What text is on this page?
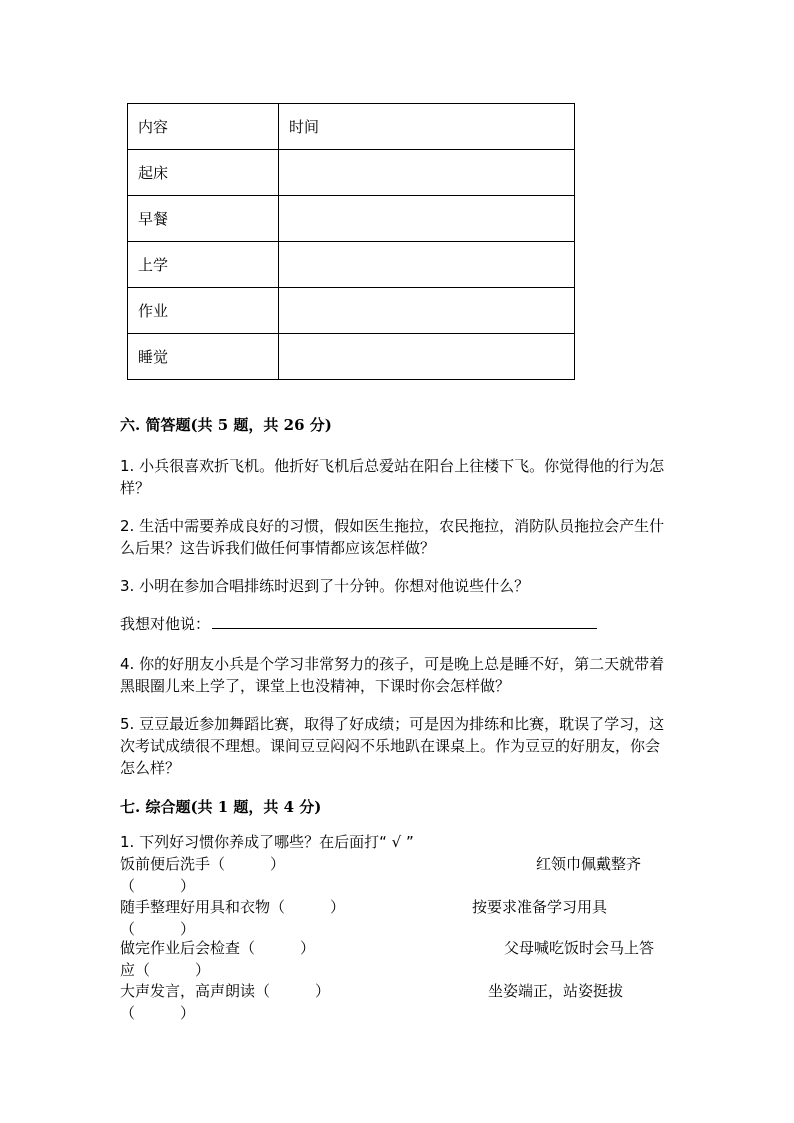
内容	时间
起床	
早餐	
上学	
作业	
睡觉	
六. 简答题(共 5 题，共 26 分)
1. 小兵很喜欢折飞机。他折好飞机后总爱站在阳台上往楼下飞。你觉得他的行为怎样？
2. 生活中需要养成良好的习惯，假如医生拖拉，农民拖拉，消防队员拖拉会产生什么后果？这告诉我们做任何事情都应该怎样做？
3. 小明在参加合唱排练时迟到了十分钟。你想对他说些什么？
我想对他说：
4. 你的好朋友小兵是个学习非常努力的孩子，可是晚上总是睡不好，第二天就带着黑眼圈儿来上学了，课堂上也没精神，下课时你会怎样做？
5. 豆豆最近参加舞蹈比赛，取得了好成绩；可是因为排练和比赛，耽误了学习，这次考试成绩很不理想。课间豆豆闷闷不乐地趴在课桌上。作为豆豆的好朋友，你会怎么样？
七. 综合题(共 1 题，共 4 分)
1. 下列好习惯你养成了哪些？在后面打“ √ ”
饭前便后洗手（　　　）	红领巾佩戴整齐
（　　　）
随手整理好用具和衣物（　　　）	按要求准备学习用具
（　　　）
做完作业后会检查（　　　）	父母喊吃饭时会马上答
应（　　　）
大声发言，高声朗读（　　　）	坐姿端正，站姿挺拔
（　　　）
